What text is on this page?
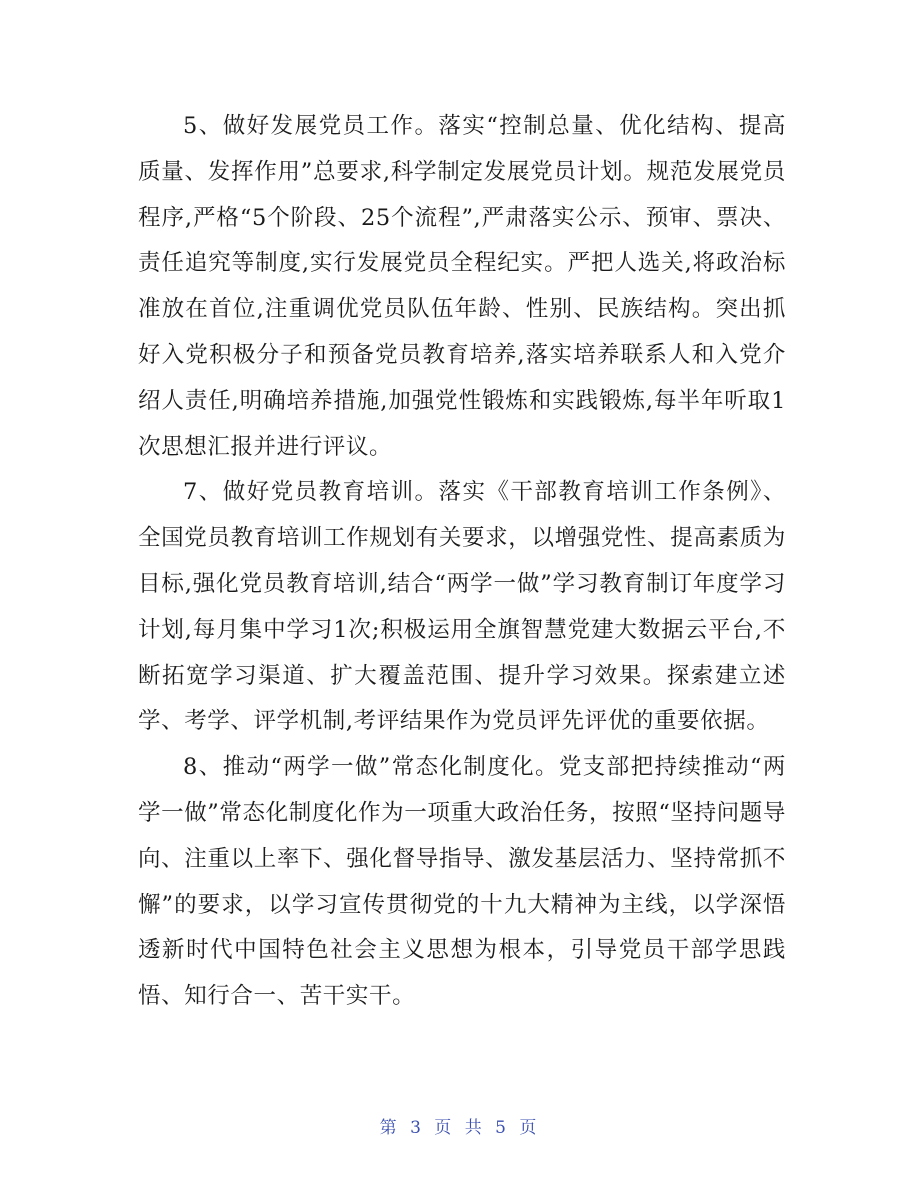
5、做好发展党员工作。落实“控制总量、优化结构、提高质量、发挥作用”总要求,科学制定发展党员计划。规范发展党员程序,严格“5个阶段、25个流程”,严肃落实公示、预审、票决、责任追究等制度,实行发展党员全程纪实。严把人选关,将政治标准放在首位,注重调优党员队伍年龄、性别、民族结构。突出抓好入党积极分子和预备党员教育培养,落实培养联系人和入党介绍人责任,明确培养措施,加强党性锻炼和实践锻炼,每半年听取1次思想汇报并进行评议。

7、做好党员教育培训。落实《干部教育培训工作条例》、全国党员教育培训工作规划有关要求，以增强党性、提高素质为目标,强化党员教育培训,结合“两学一做”学习教育制订年度学习计划,每月集中学习1次;积极运用全旗智慧党建大数据云平台,不断拓宽学习渠道、扩大覆盖范围、提升学习效果。探索建立述学、考学、评学机制,考评结果作为党员评先评优的重要依据。

8、推动“两学一做”常态化制度化。党支部把持续推动“两学一做”常态化制度化作为一项重大政治任务，按照“坚持问题导向、注重以上率下、强化督导指导、激发基层活力、坚持常抓不懈”的要求，以学习宣传贯彻党的十九大精神为主线，以学深悟透新时代中国特色社会主义思想为根本，引导党员干部学思践悟、知行合一、苦干实干。

第 3 页 共 5 页
